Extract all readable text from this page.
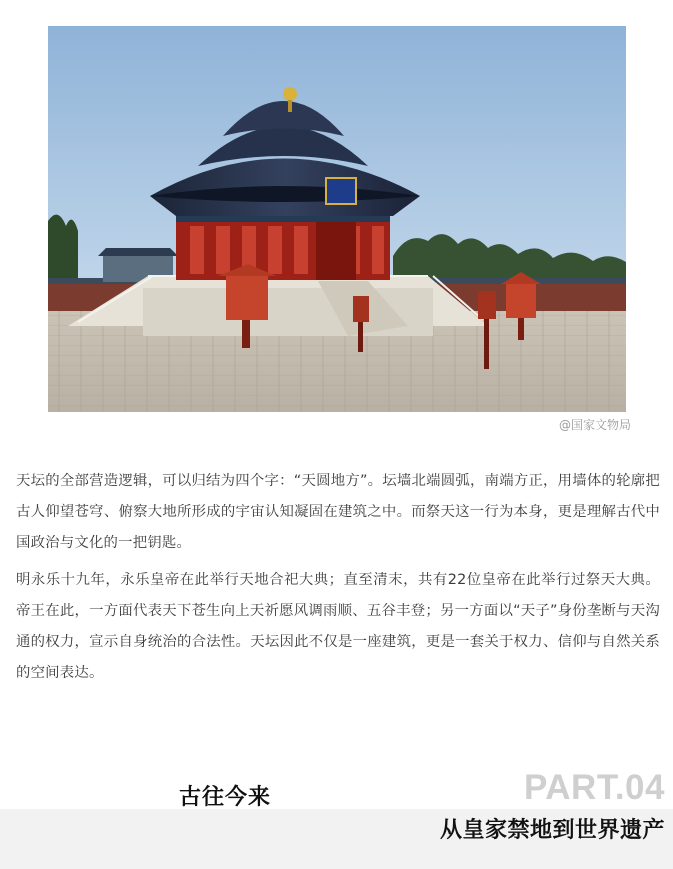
@国家文物局

天坛的全部营造逻辑，可以归结为四个字：“天圆地方”。坛墙北端圆弧，南端方正，用墙体的轮廓把古人仰望苍穹、俯察大地所形成的宇宙认知凝固在建筑之中。而祭天这一行为本身，更是理解古代中国政治与文化的一把钥匙。

明永乐十九年，永乐皇帝在此举行天地合祀大典；直至清末，共有22位皇帝在此举行过祭天大典。帝王在此，一方面代表天下苍生向上天祈愿风调雨顺、五谷丰登；另一方面以“天子”身份垄断与天沟通的权力，宣示自身统治的合法性。天坛因此不仅是一座建筑，更是一套关于权力、信仰与自然关系的空间表达。

PART.04
古往今来
从皇家禁地到世界遗产
